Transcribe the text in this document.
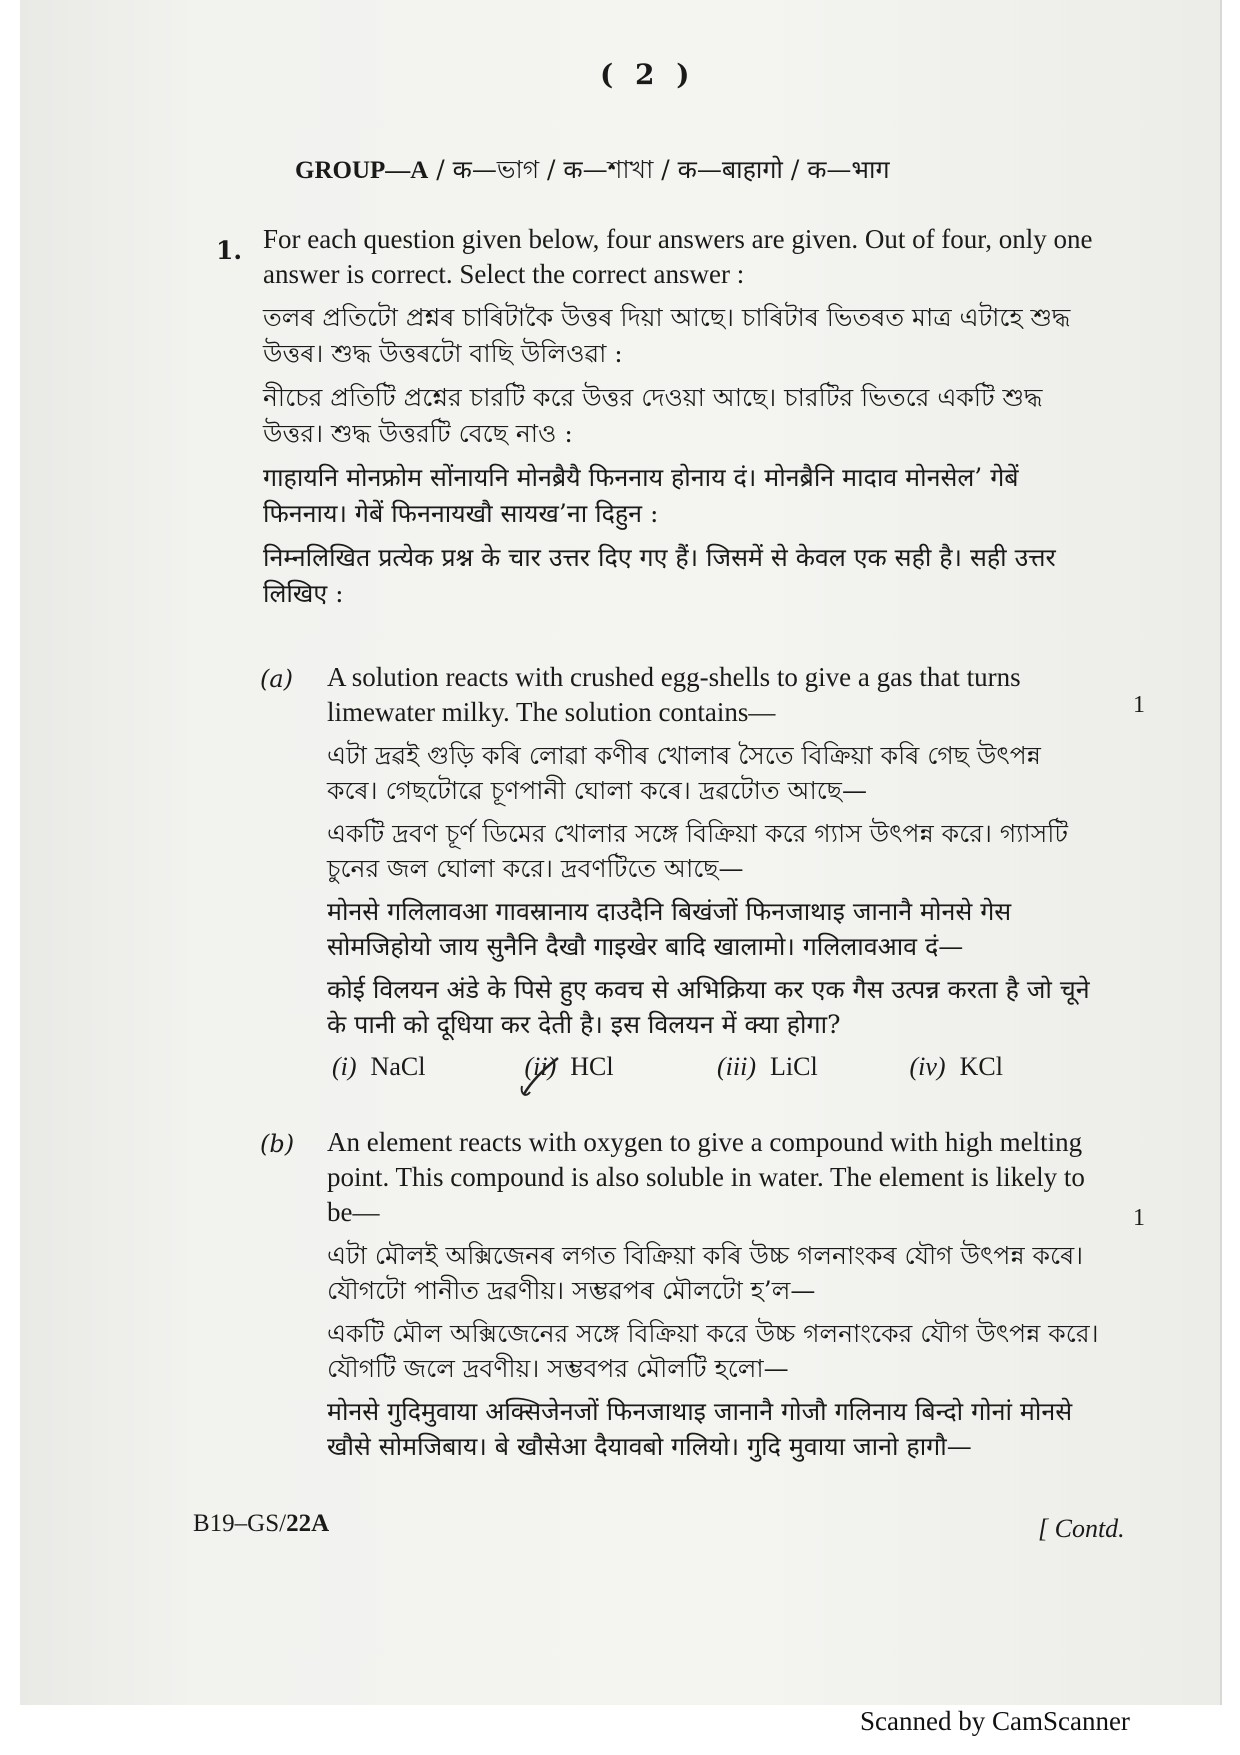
( 2 )
GROUP—A / क—ভাগ / क—শাখা / क—बाहागो / क—भाग
1. For each question given below, four answers are given. Out of four, only one answer is correct. Select the correct answer :

তলৰ প্ৰতিটো প্ৰশ্নৰ চাৰিটাকৈ উত্তৰ দিয়া আছে। চাৰিটাৰ ভিতৰত মাত্ৰ এটাহে শুদ্ধ উত্তৰ। শুদ্ধ উত্তৰটো বাছি উলিওৱা :

নীচের প্রতিটি প্রশ্নের চারটি করে উত্তর দেওয়া আছে। চারটির ভিতরে একটি শুদ্ধ উত্তর। শুদ্ধ উত্তরটি বেছে নাও :

गाहायनि मोनफ्रोम सोंनायनि मोनब्रैयै फिननाय होनाय दं। मोनब्रैनि मादाव मोनसेल’ गेबें फिननाय। गेबें फिननायखौ सायख’ना दिहुन :

निम्नलिखित प्रत्येक प्रश्न के चार उत्तर दिए गए हैं। जिसमें से केवल एक सही है। सही उत्तर लिखिए :

(a) A solution reacts with crushed egg-shells to give a gas that turns limewater milky. The solution contains—

এটা দ্ৰৱই গুড়ি কৰি লোৱা কণীৰ খোলাৰ সৈতে বিক্ৰিয়া কৰি গেছ উৎপন্ন কৰে। গেছটোৱে চূণপানী ঘোলা কৰে। দ্ৰৱটোত আছে—

একটি দ্রবণ চূর্ণ ডিমের খোলার সঙ্গে বিক্রিয়া করে গ্যাস উৎপন্ন করে। গ্যাসটি চুনের জল ঘোলা করে। দ্রবণটিতে আছে—

मोनसे गलिलावआ गावस्रानाय दाउदैनि बिखंजों फिनजाथाइ जानानै मोनसे गेस सोमजिहोयो जाय सुनैनि दैखौ गाइखेर बादि खालामो। गलिलावआव दं—

कोई विलयन अंडे के पिसे हुए कवच से अभिक्रिया कर एक गैस उत्पन्न करता है जो चूने के पानी को दूधिया कर देती है। इस विलयन में क्या होगा?

1
(i) NaCl	(ii) HCl	(iii) LiCl	(iv) KCl
(b) An element reacts with oxygen to give a compound with high melting point. This compound is also soluble in water. The element is likely to be—

এটা মৌলই অক্সিজেনৰ লগত বিক্ৰিয়া কৰি উচ্চ গলনাংকৰ যৌগ উৎপন্ন কৰে। যৌগটো পানীত দ্ৰৱণীয়। সম্ভৱপৰ মৌলটো হ’ল—

একটি মৌল অক্সিজেনের সঙ্গে বিক্রিয়া করে উচ্চ গলনাংকের যৌগ উৎপন্ন করে। যৌগটি জলে দ্রবণীয়। সম্ভবপর মৌলটি হলো—

मोनसे गुदिमुवाया अक्सिजेनजों फिनजाथाइ जानानै गोजौ गलिनाय बिन्दो गोनां मोनसे खौसे सोमजिबाय। बे खौसेआ दैयावबो गलियो। गुदि मुवाया जानो हागौ—

1
B19–GS/22A	[ Contd.
Scanned by CamScanner
